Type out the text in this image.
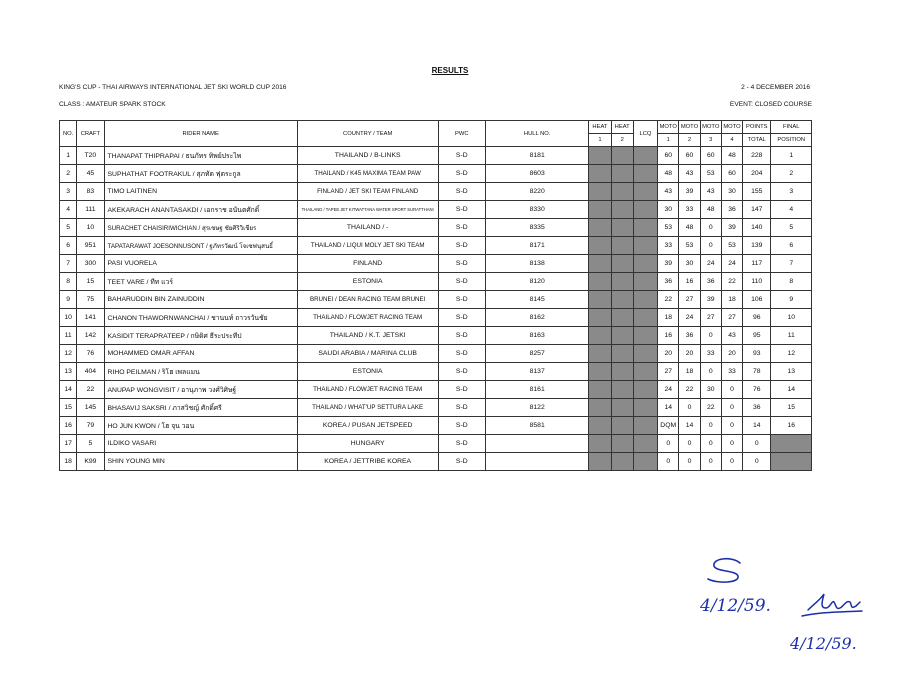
RESULTS
KING'S CUP - THAI AIRWAYS INTERNATIONAL JET SKI WORLD CUP 2016	2 - 4 DECEMBER 2016
CLASS : AMATEUR SPARK STOCK	EVENT: CLOSED COURSE
NO.	CRAFT	RIDER NAME	COUNTRY / TEAM	PWC	HULL NO.	HEAT	HEAT	LCQ	MOTO	MOTO	MOTO	MOTO	POINTS	FINAL
						1	2		1	2	3	4	TOTAL	POSITION
1	T20	THANAPAT THIPRAPAI / ธนภัทร ทิพย์ประไพ	THAILAND / B-LINKS	S-D	8181				60	60	60	48	228	1
2	45	SUPHATHAT FOOTRAKUL / สุภทัต ฟุตระกูล	THAILAND / K45 MAXIMA TEAM PAW	S-D	8603				48	43	53	60	204	2
3	83	TIMO LAITINEN	FINLAND / JET SKI TEAM FINLAND	S-D	8220				43	39	43	30	155	3
4	111	AKEKARACH ANANTASAKDI / เอกราช อนันตศักดิ์	THAILAND / TAPEE JET KITWATTANA WATER SPORT SURATTHANI	S-D	8330				30	33	48	36	147	4
5	10	SURACHET CHAISIRIWICHIAN / สุรเชษฐ ชัยศิริวิเชียร	THAILAND / -	S-D	8335				53	48	0	39	140	5
6	951	TAPATARAWAT JOESONNUSONT / ฐภัทรวัฒน์ โจเซฟนุสนธิ์	THAILAND / LIQUI MOLY JET SKI TEAM	S-D	8171				33	53	0	53	139	6
7	300	PASI VUORELA	FINLAND	S-D	8138				39	30	24	24	117	7
8	15	TEET VARE / ทีท แวร์	ESTONIA	S-D	8120				36	16	36	22	110	8
9	75	BAHARUDDIN BIN ZAINUDDIN	BRUNEI / DEAN RACING TEAM BRUNEI	S-D	8145				22	27	39	18	106	9
10	141	CHANON THAWORNWANCHAI / ชานนท์ ถาวรวันชัย	THAILAND / FLOWJET RACING TEAM	S-D	8162				18	24	27	27	96	10
11	142	KASIDIT TERAPRATEEP / กษิดิศ ธีระประทีป	THAILAND / K.T. JETSKI	S-D	8163				16	36	0	43	95	11
12	76	MOHAMMED OMAR AFFAN	SAUDI ARABIA / MARINA CLUB	S-D	8257				20	20	33	20	93	12
13	404	RIHO PEILMAN / ริโฮ เพลแมน	ESTONIA	S-D	8137				27	18	0	33	78	13
14	22	ANUPAP WONGVISIT / อานุภาพ วงศ์วิศิษฐ์	THAILAND / FLOWJET RACING TEAM	S-D	8161				24	22	30	0	76	14
15	145	BHASAVIJ SAKSRI / ภาสวิชญ์ ศักดิ์ศรี	THAILAND / WHAT'UP SETTURA LAKE	S-D	8122				14	0	22	0	36	15
16	79	HO JUN KWON / โฮ จุน วอน	KOREA / PUSAN JETSPEED	S-D	8581				DQM	14	0	0	14	16
17	5	ILDIKO VASARI	HUNGARY	S-D					0	0	0	0	0	
18	K99	SHIN YOUNG MIN	KOREA / JETTRIBE KOREA	S-D					0	0	0	0	0	
4/12/59.
4/12/59.
